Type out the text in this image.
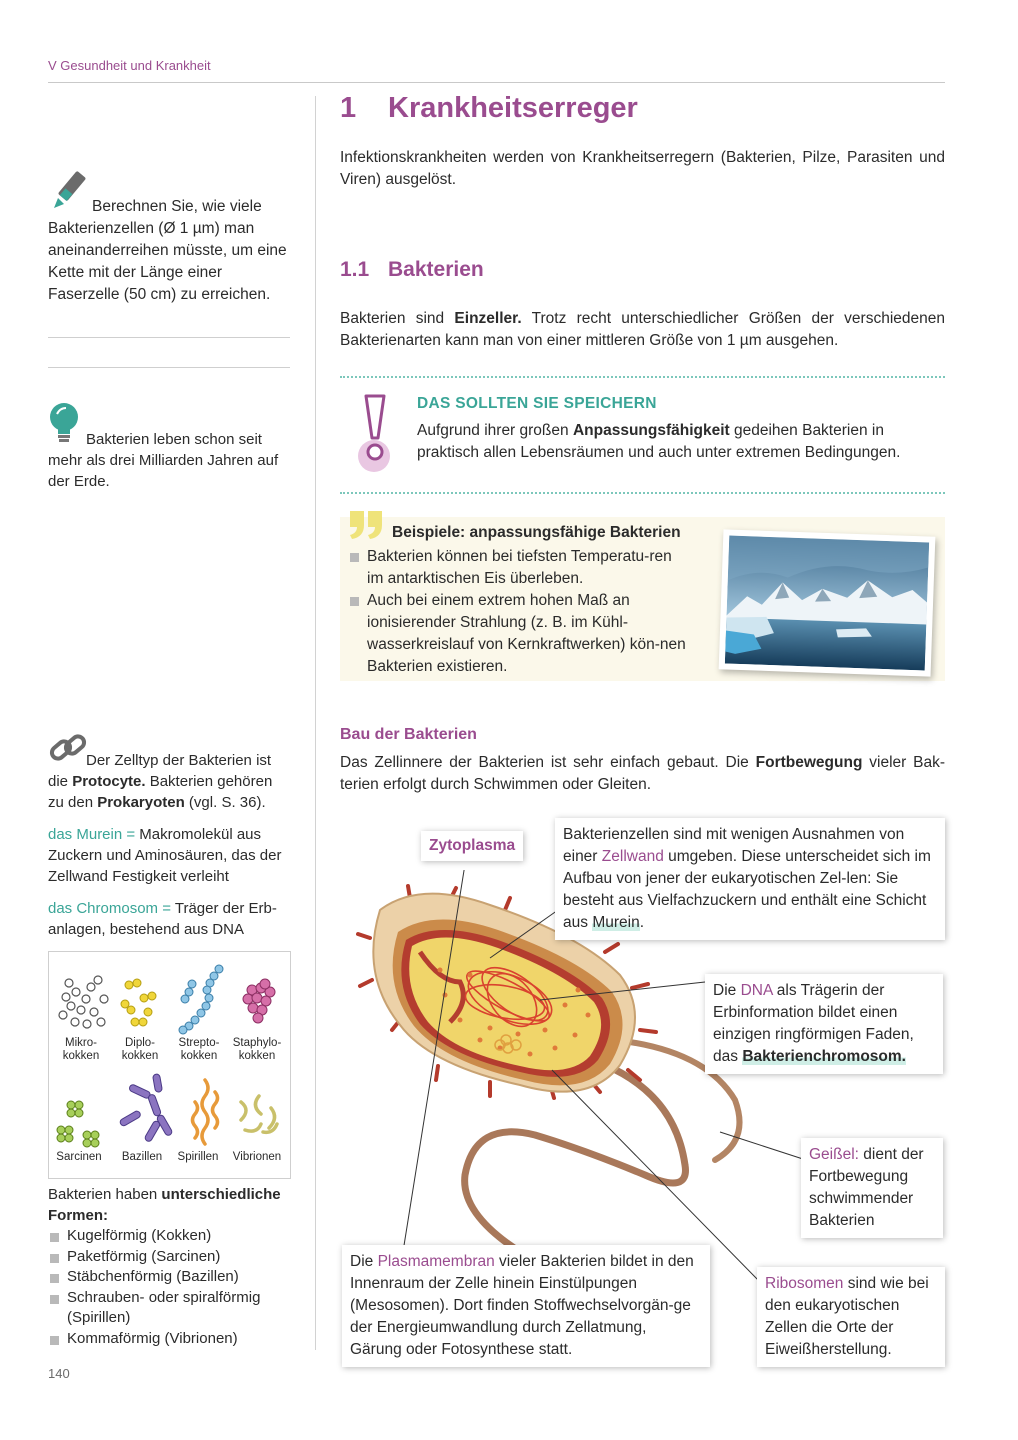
V Gesundheit und Krankheit
Berechnen Sie, wie viele Bakterienzellen (Ø 1 µm) man aneinanderreihen müsste, um eine Kette mit der Länge einer Faserzelle (50 cm) zu erreichen.
Bakterien leben schon seit mehr als drei Milliarden Jahren auf der Erde.
Der Zelltyp der Bakterien ist die Protocyte. Bakterien gehören zu den Prokaryoten (vgl. S. 36).
das Murein = Makromolekül aus Zuckern und Aminosäuren, das der Zellwand Festigkeit verleiht
das Chromosom = Träger der Erb-anlagen, bestehend aus DNA
Mikro-
kokken
Diplo-
kokken
Strepto-
kokken
Staphylo-
kokken
Sarcinen	Bazillen	Spirillen	Vibrionen
Bakterien haben unterschiedliche Formen:
Kugelförmig (Kokken)
Paketförmig (Sarcinen)
Stäbchenförmig (Bazillen)
Schrauben- oder spiralförmig (Spirillen)
Kommaförmig (Vibrionen)
1 Krankheitserreger

Infektionskrankheiten werden von Krankheitserregern (Bakterien, Pilze, Parasiten und Viren) ausgelöst.

1.1 Bakterien

Bakterien sind Einzeller. Trotz recht unterschiedlicher Größen der verschiedenen Bakterienarten kann man von einer mittleren Größe von 1 µm ausgehen.

DAS SOLLTEN SIE SPEICHERN

Aufgrund ihrer großen Anpassungsfähigkeit gedeihen Bakterien in praktisch allen Lebensräumen und auch unter extremen Bedingungen.

Beispiele: anpassungsfähige Bakterien
Bakterien können bei tiefsten Temperatu-ren im antarktischen Eis überleben.
Auch bei einem extrem hohen Maß an ionisierender Strahlung (z. B. im Kühl-wasserkreislauf von Kernkraftwerken) kön-nen Bakterien existieren.
Bau der Bakterien

Das Zellinnere der Bakterien ist sehr einfach gebaut. Die Fortbewegung vieler Bak-terien erfolgt durch Schwimmen oder Gleiten.

Zytoplasma
Bakterienzellen sind mit wenigen Ausnahmen von einer Zellwand umgeben. Diese unterscheidet sich im Aufbau von jener der eukaryotischen Zel-len: Sie besteht aus Vielfachzuckern und enthält eine Schicht aus Murein.
Die DNA als Trägerin der Erbinformation bildet einen einzigen ringförmigen Faden, das Bakterienchromosom.
Geißel: dient der Fortbewegung schwimmender Bakterien
Die Plasmamembran vieler Bakterien bildet in den Innenraum der Zelle hinein Einstülpungen (Mesosomen). Dort finden Stoffwechselvorgän-ge der Energieumwandlung durch Zellatmung, Gärung oder Fotosynthese statt.
Ribosomen sind wie bei den eukaryotischen Zellen die Orte der Eiweißherstellung.
140
